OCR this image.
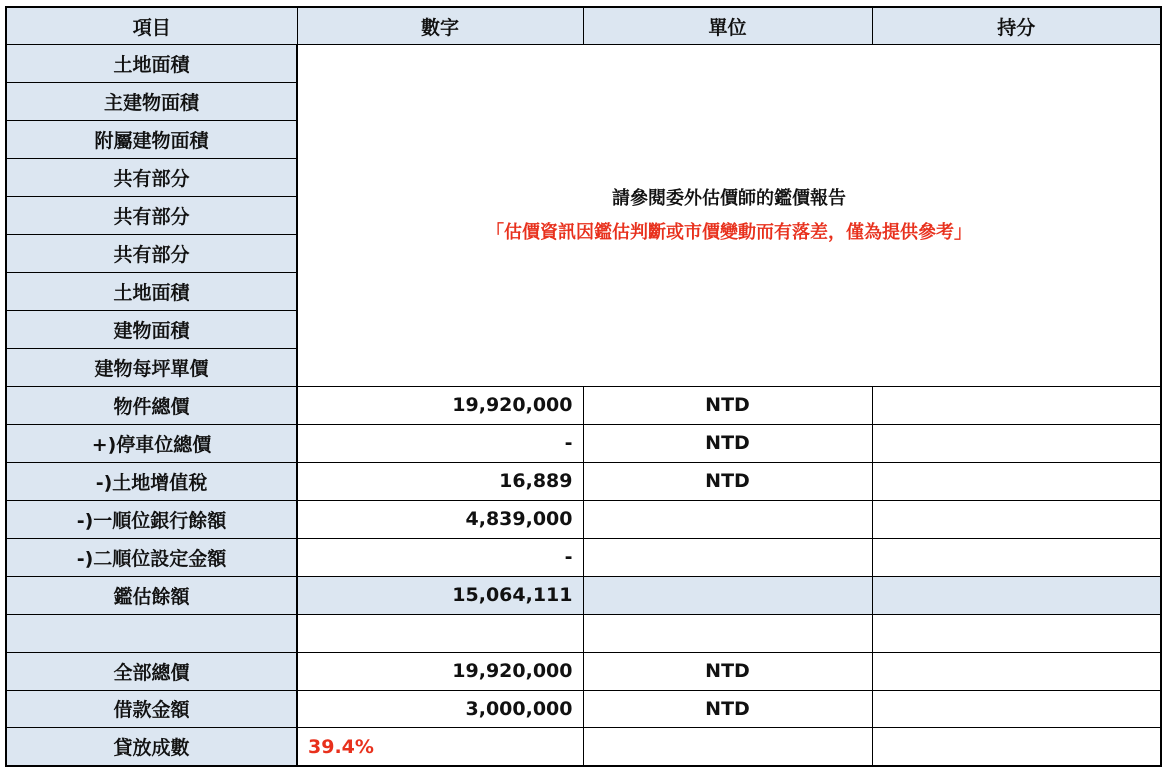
項目	數字	單位	持分
土地面積	請參閱委外估價師的鑑價報告
「估價資訊因鑑估判斷或市價變動而有落差，僅為提供參考」		

主建物面積			
附屬建物面積			
共有部分			
共有部分			
共有部分			
土地面積			
建物面積			
建物每坪單價			
物件總價	19,920,000	NTD	
+)停車位總價	-	NTD	
-)土地增值稅	16,889	NTD	
-)一順位銀行餘額	4,839,000		
-)二順位設定金額	-		
鑑估餘額	15,064,111		

全部總價	19,920,000	NTD	
借款金額	3,000,000	NTD	
貸放成數	39.4%		
